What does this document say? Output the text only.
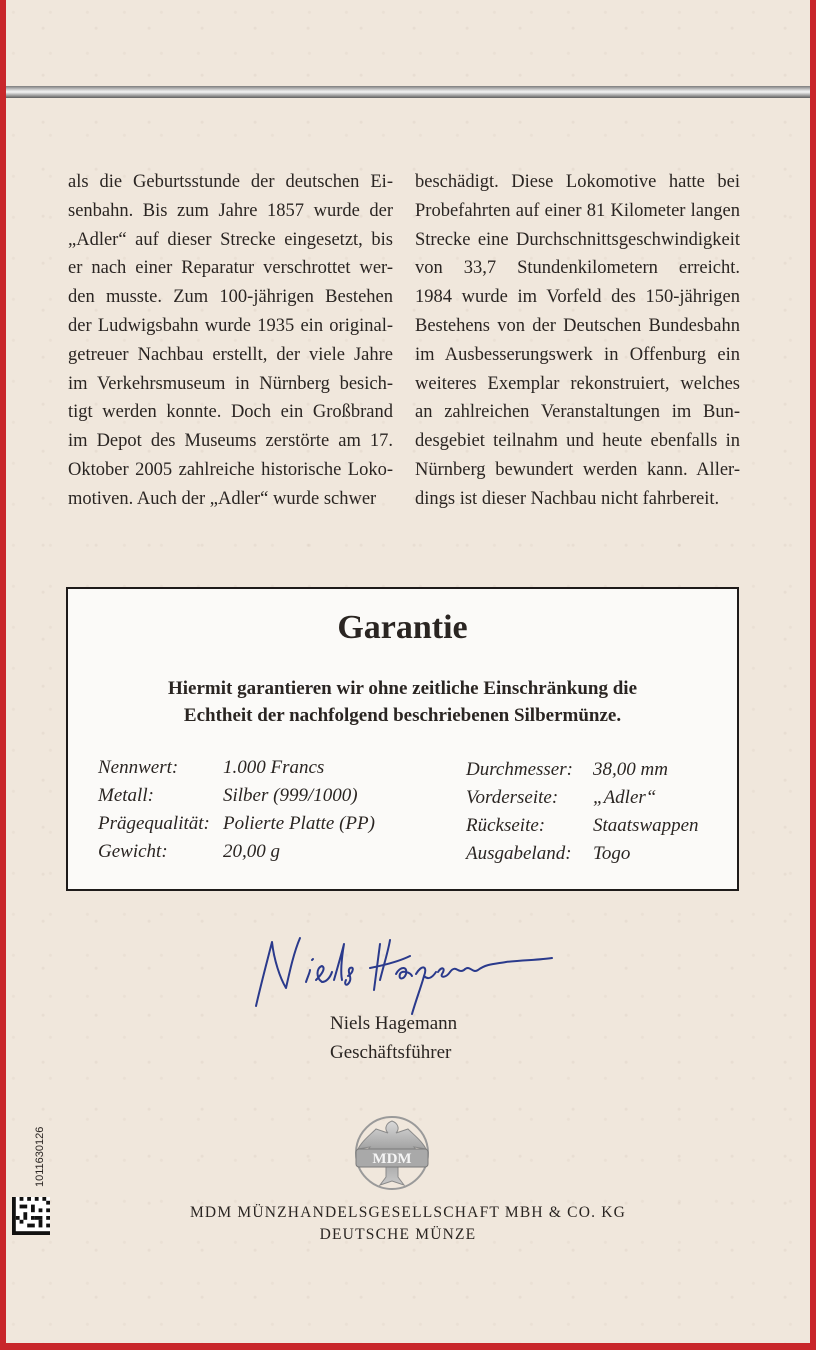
als die Geburtsstunde der deutschen Ei-

senbahn. Bis zum Jahre 1857 wurde der

„Adler“ auf dieser Strecke eingesetzt, bis

er nach einer Reparatur verschrottet wer-

den musste. Zum 100-jährigen Bestehen

der Ludwigsbahn wurde 1935 ein original-

getreuer Nachbau erstellt, der viele Jahre

im Verkehrsmuseum in Nürnberg besich-

tigt werden konnte. Doch ein Großbrand

im Depot des Museums zerstörte am 17.

Oktober 2005 zahlreiche historische Loko-

motiven. Auch der „Adler“ wurde schwer

beschädigt. Diese Lokomotive hatte bei

Probefahrten auf einer 81 Kilometer langen

Strecke eine Durchschnittsgeschwindigkeit

von 33,7 Stundenkilometern erreicht.

1984 wurde im Vorfeld des 150-jährigen

Bestehens von der Deutschen Bundesbahn

im Ausbesserungswerk in Offenburg ein

weiteres Exemplar rekonstruiert, welches

an zahlreichen Veranstaltungen im Bun-

desgebiet teilnahm und heute ebenfalls in

Nürnberg bewundert werden kann. Aller-

dings ist dieser Nachbau nicht fahrbereit.

Garantie
Hiermit garantieren wir ohne zeitliche Einschränkung die
Echtheit der nachfolgend beschriebenen Silbermünze.
Nennwert: 1.000 Francs
Metall:	Silber (999/1000)
Prägequalität: Polierte Platte (PP)
Gewicht:	20,00 g
Durchmesser: 38,00 mm
Vorderseite: „Adler“
Rückseite:	Staatswappen
Ausgabeland: Togo
Niels Hagemann
Geschäftsführer
MDM
MDM MÜNZHANDELSGESELLSCHAFT MBH & CO. KG
DEUTSCHE MÜNZE
1011630126
